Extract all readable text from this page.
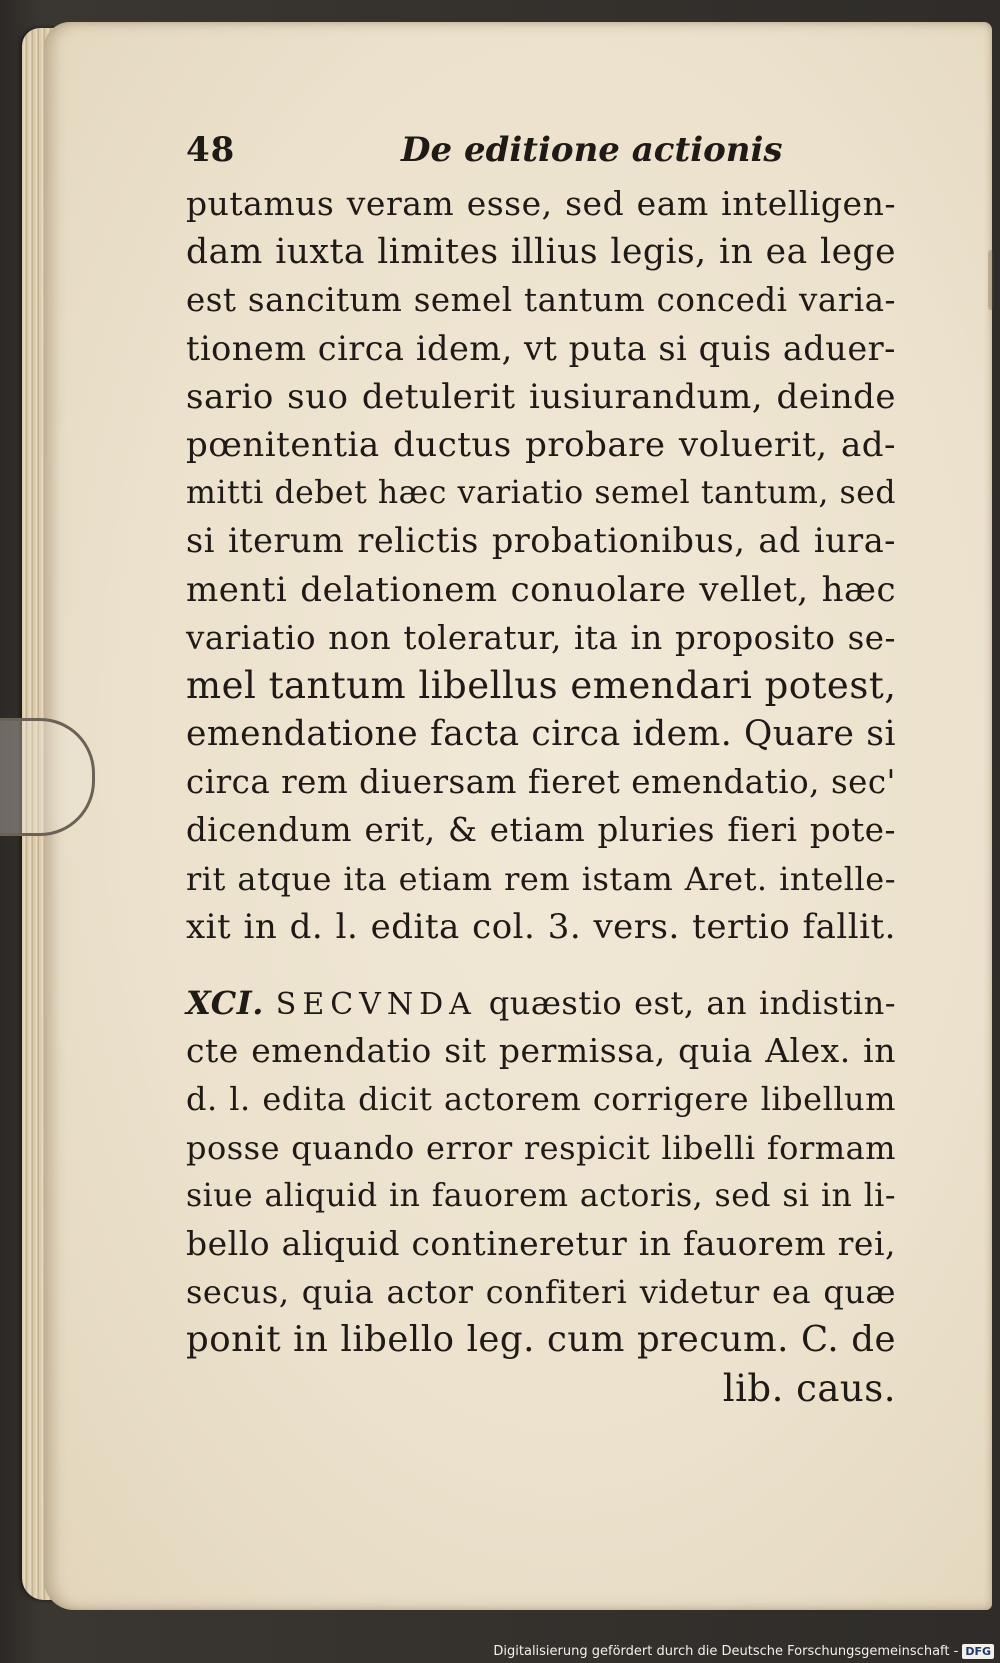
48	De editione actionis
putamus veram esse, sed eam intelligen-
dam iuxta limites illius legis, in ea lege
est sancitum semel tantum concedi varia-
tionem circa idem, vt puta si quis aduer-
sario suo detulerit iusiurandum, deinde
pœnitentia ductus probare voluerit, ad-
mitti debet hæc variatio semel tantum, sed
si iterum relictis probationibus, ad iura-
menti delationem conuolare vellet, hæc
variatio non toleratur, ita in proposito se-
mel tantum libellus emendari potest,
emendatione facta circa idem. Quare si
circa rem diuersam fieret emendatio, sec'
dicendum erit, & etiam pluries fieri pote-
rit atque ita etiam rem istam Aret. intelle-
xit in d. l. edita col. 3. vers. tertio fallit.
XCI. SECVNDA quæstio est, an indistin-
cte emendatio sit permissa, quia Alex. in
d. l. edita dicit actorem corrigere libellum
posse quando error respicit libelli formam
siue aliquid in fauorem actoris, sed si in li-
bello aliquid contineretur in fauorem rei,
secus, quia actor confiteri videtur ea quæ
ponit in libello leg. cum precum. C. de
lib. caus.
Digitalisierung gefördert durch die Deutsche Forschungsgemeinschaft - DFG
